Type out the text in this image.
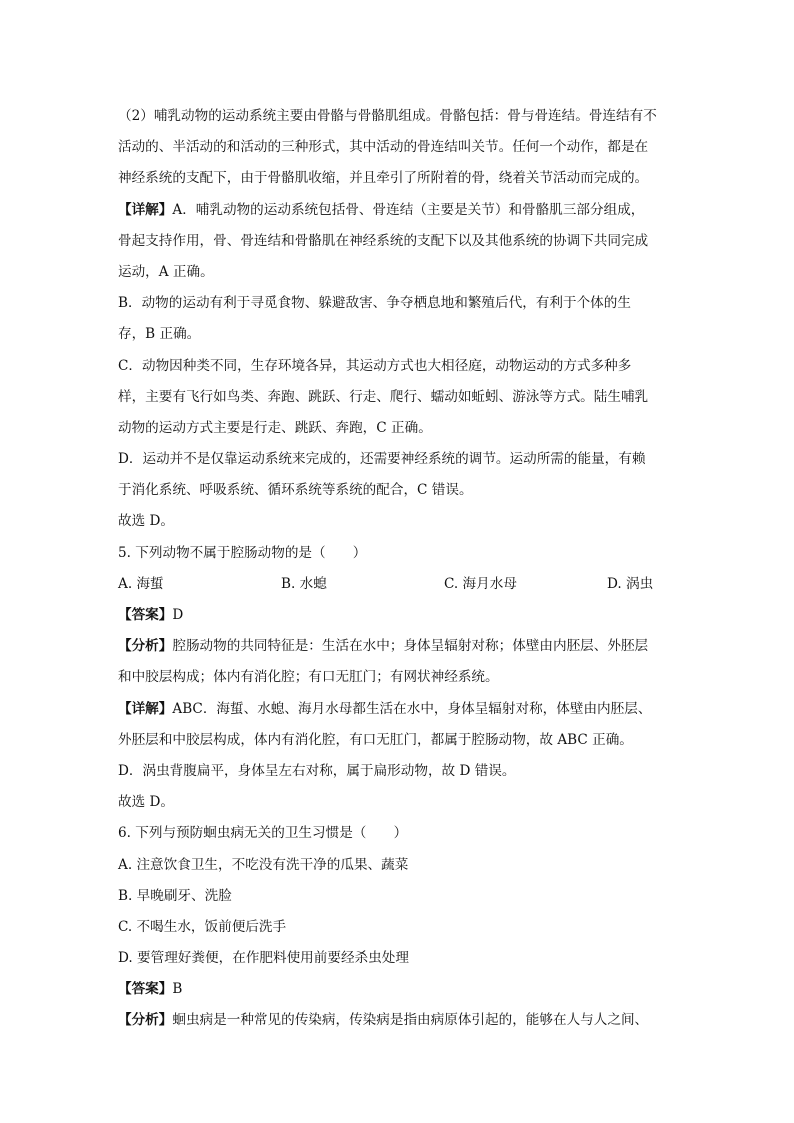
（2）哺乳动物的运动系统主要由骨骼与骨骼肌组成。骨骼包括：骨与骨连结。骨连结有不
活动的、半活动的和活动的三种形式，其中活动的骨连结叫关节。任何一个动作，都是在
神经系统的支配下，由于骨骼肌收缩，并且牵引了所附着的骨，绕着关节活动而完成的。
【详解】A．哺乳动物的运动系统包括骨、骨连结（主要是关节）和骨骼肌三部分组成，
骨起支持作用，骨、骨连结和骨骼肌在神经系统的支配下以及其他系统的协调下共同完成
运动，A 正确。
B．动物的运动有利于寻觅食物、躲避敌害、争夺栖息地和繁殖后代，有利于个体的生
存，B 正确。
C．动物因种类不同，生存环境各异，其运动方式也大相径庭，动物运动的方式多种多
样，主要有飞行如鸟类、奔跑、跳跃、行走、爬行、蠕动如蚯蚓、游泳等方式。陆生哺乳
动物的运动方式主要是行走、跳跃、奔跑，C 正确。
D．运动并不是仅靠运动系统来完成的，还需要神经系统的调节。运动所需的能量，有赖
于消化系统、呼吸系统、循环系统等系统的配合，C 错误。
故选 D。
5. 下列动物不属于腔肠动物的是（　　）
A. 海蜇	B. 水螅	C. 海月水母	D. 涡虫
【答案】D
【分析】腔肠动物的共同特征是：生活在水中；身体呈辐射对称；体壁由内胚层、外胚层
和中胶层构成；体内有消化腔；有口无肛门；有网状神经系统。
【详解】ABC．海蜇、水螅、海月水母都生活在水中，身体呈辐射对称，体壁由内胚层、
外胚层和中胶层构成，体内有消化腔，有口无肛门，都属于腔肠动物，故 ABC 正确。
D．涡虫背腹扁平，身体呈左右对称，属于扁形动物，故 D 错误。
故选 D。
6. 下列与预防蛔虫病无关的卫生习惯是（　　）
A. 注意饮食卫生，不吃没有洗干净的瓜果、蔬菜
B. 早晚刷牙、洗脸
C. 不喝生水，饭前便后洗手
D. 要管理好粪便，在作肥料使用前要经杀虫处理
【答案】B
【分析】蛔虫病是一种常见的传染病，传染病是指由病原体引起的，能够在人与人之间、
